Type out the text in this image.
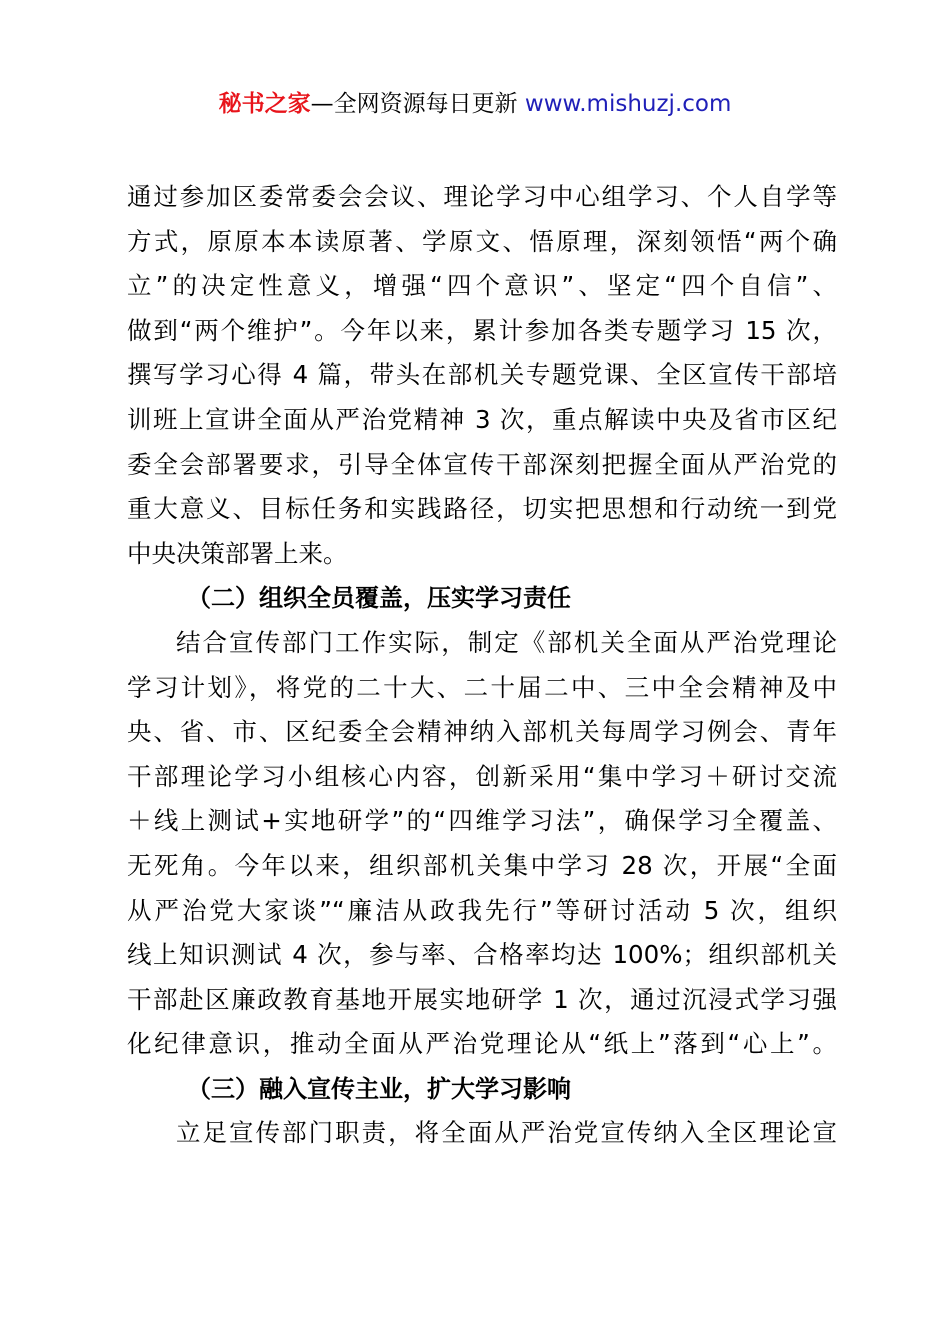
秘书之家—全网资源每日更新 www.mishuzj.com
通过参加区委常委会会议、理论学习中心组学习、个人自学等
方式，原原本本读原著、学原文、悟原理，深刻领悟“两个确
立”的决定性意义，增强“四个意识”、坚定“四个自信”、
做到“两个维护”。今年以来，累计参加各类专题学习 15 次，
撰写学习心得 4 篇，带头在部机关专题党课、全区宣传干部培
训班上宣讲全面从严治党精神 3 次，重点解读中央及省市区纪
委全会部署要求，引导全体宣传干部深刻把握全面从严治党的
重大意义、目标任务和实践路径，切实把思想和行动统一到党
中央决策部署上来。
（二）组织全员覆盖，压实学习责任
结合宣传部门工作实际，制定《部机关全面从严治党理论
学习计划》，将党的二十大、二十届二中、三中全会精神及中
央、省、市、区纪委全会精神纳入部机关每周学习例会、青年
干部理论学习小组核心内容，创新采用“集中学习＋研讨交流
＋线上测试+实地研学”的“四维学习法”，确保学习全覆盖、
无死角。今年以来，组织部机关集中学习 28 次，开展“全面
从严治党大家谈”“廉洁从政我先行”等研讨活动 5 次，组织
线上知识测试 4 次，参与率、合格率均达 100%；组织部机关
干部赴区廉政教育基地开展实地研学 1 次，通过沉浸式学习强
化纪律意识，推动全面从严治党理论从“纸上”落到“心上”。
（三）融入宣传主业，扩大学习影响
立足宣传部门职责，将全面从严治党宣传纳入全区理论宣
